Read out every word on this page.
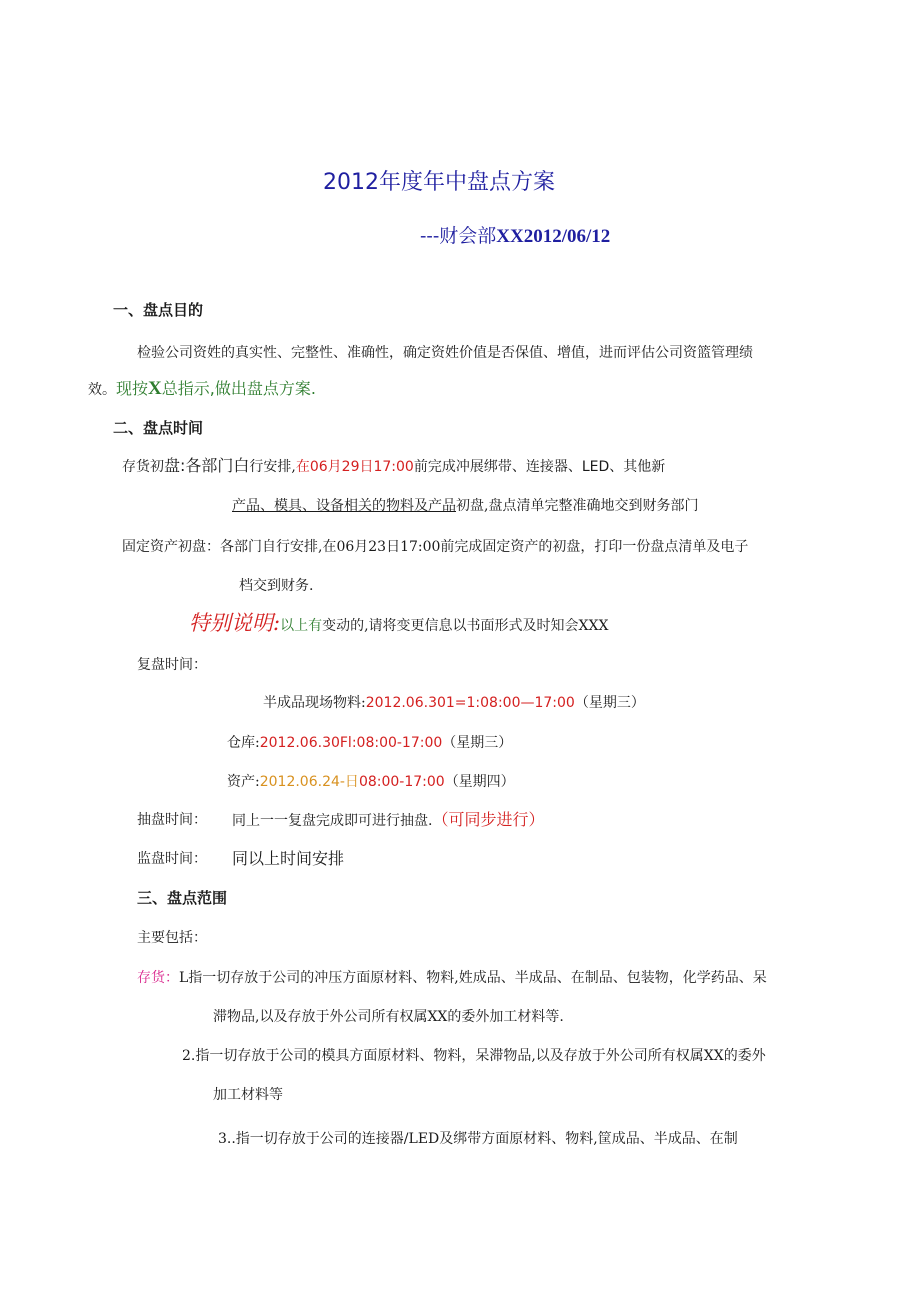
2012年度年中盘点方案
---财会部XX2012/06/12
一、盘点目的
检验公司资姓的真实性、完整性、准确性，确定资姓价值是否保值、增值，进而评估公司资篮管理绩
效。现按X总指示,做出盘点方案.
二、盘点时间
存货初盘:各部门白行安排,在06月29日17:00前完成冲展绑带、连接器、LED、其他新
产品、模具、设备相关的物料及产品初盘,盘点清单完整准确地交到财务部门
固定资产初盘：各部门自行安排,在06月23日17:00前完成固定资产的初盘，打印一份盘点清单及电子
档交到财务.
特别说明:以上有变动的,请将变更信息以书面形式及时知会XXX
复盘时间：
半成品现场物料:2012.06.301=1:08:00—17:00（星期三）
仓库:2012.06.30Fl:08:00-17:00（星期三）
资产:2012.06.24-日08:00-17:00（星期四）
抽盘时间： 同上一一复盘完成即可进行抽盘.（可同步进行）
监盘时间： 同以上时间安排
三、盘点范围
主要包括：
存货：L指一切存放于公司的冲压方面原材料、物料,姓成品、半成品、在制品、包装物，化学药品、呆
滞物品,以及存放于外公司所有权属XX的委外加工材料等.
2.指一切存放于公司的模具方面原材料、物料，呆滞物品,以及存放于外公司所有权属XX的委外
加工材料等
3..指一切存放于公司的连接器/LED及绑带方面原材料、物料,筐成品、半成品、在制
